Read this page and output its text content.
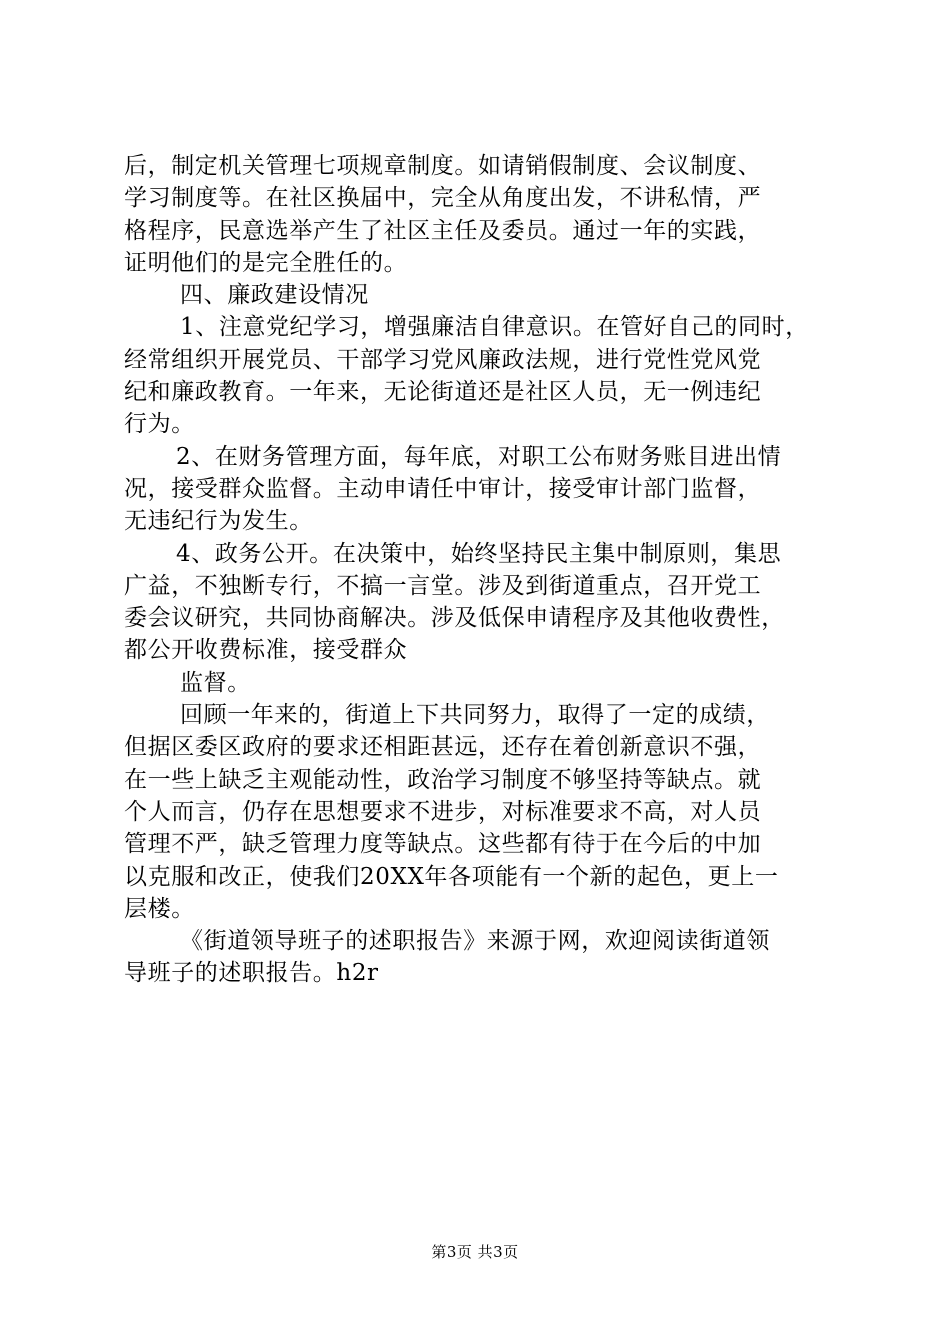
后，制定机关管理七项规章制度。如请销假制度、会议制度、
学习制度等。在社区换届中，完全从角度出发，不讲私情，严
格程序，民意选举产生了社区主任及委员。通过一年的实践，
证明他们的是完全胜任的。
四、廉政建设情况
1、注意党纪学习，增强廉洁自律意识。在管好自己的同时，
经常组织开展党员、干部学习党风廉政法规，进行党性党风党
纪和廉政教育。一年来，无论街道还是社区人员，无一例违纪
行为。
2、在财务管理方面，每年底，对职工公布财务账目进出情
况，接受群众监督。主动申请任中审计，接受审计部门监督，
无违纪行为发生。
4、政务公开。在决策中，始终坚持民主集中制原则，集思
广益，不独断专行，不搞一言堂。涉及到街道重点，召开党工
委会议研究，共同协商解决。涉及低保申请程序及其他收费性，
都公开收费标准，接受群众
监督。
回顾一年来的，街道上下共同努力，取得了一定的成绩，
但据区委区政府的要求还相距甚远，还存在着创新意识不强，
在一些上缺乏主观能动性，政治学习制度不够坚持等缺点。就
个人而言，仍存在思想要求不进步，对标准要求不高，对人员
管理不严，缺乏管理力度等缺点。这些都有待于在今后的中加
以克服和改正，使我们20XX年各项能有一个新的起色，更上一
层楼。
《街道领导班子的述职报告》来源于网，欢迎阅读街道领
导班子的述职报告。h2r
第3页 共3页
